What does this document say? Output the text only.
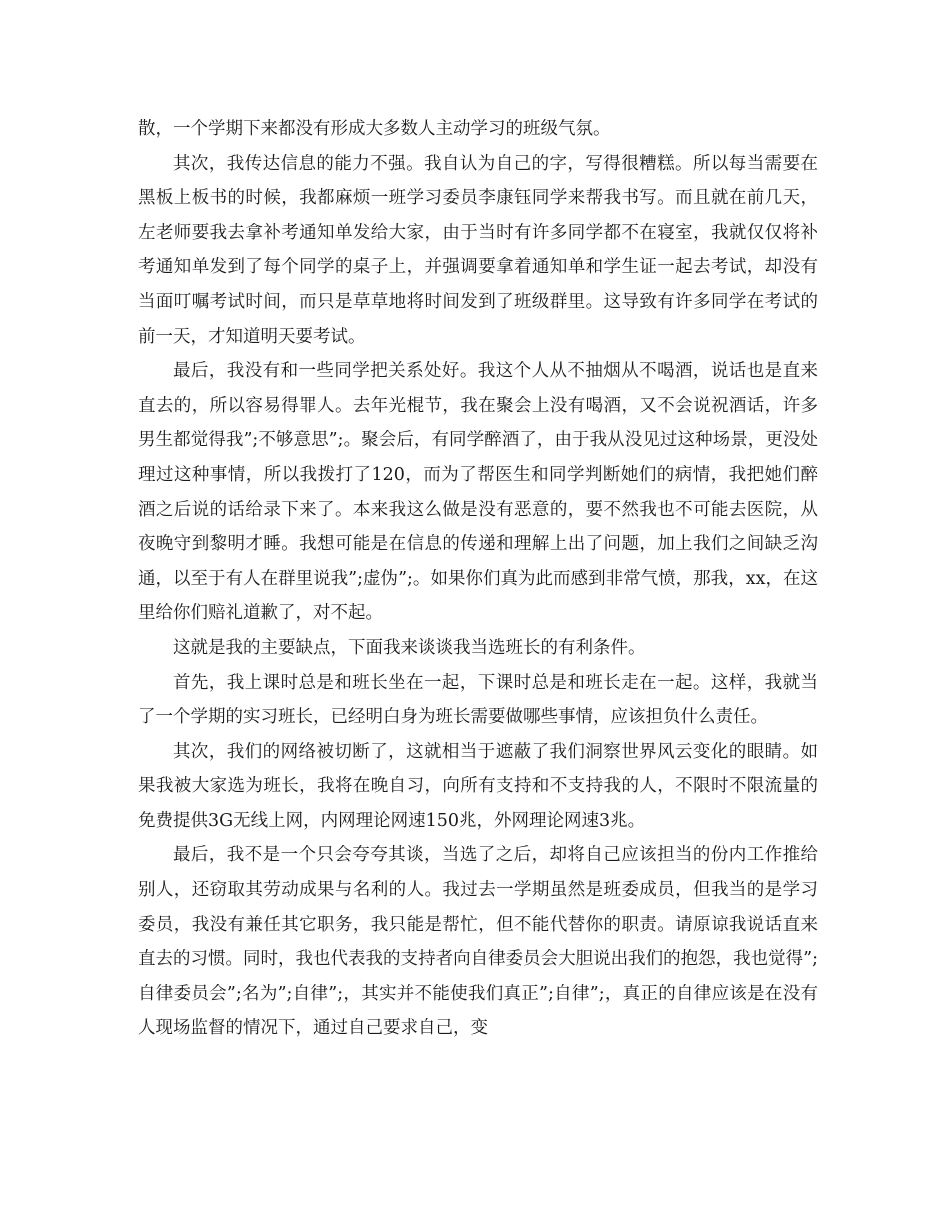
散，一个学期下来都没有形成大多数人主动学习的班级气氛。

其次，我传达信息的能力不强。我自认为自己的字，写得很糟糕。所以每当需要在黑板上板书的时候，我都麻烦一班学习委员李康钰同学来帮我书写。而且就在前几天，左老师要我去拿补考通知单发给大家，由于当时有许多同学都不在寝室，我就仅仅将补考通知单发到了每个同学的桌子上，并强调要拿着通知单和学生证一起去考试，却没有当面叮嘱考试时间，而只是草草地将时间发到了班级群里。这导致有许多同学在考试的前一天，才知道明天要考试。

最后，我没有和一些同学把关系处好。我这个人从不抽烟从不喝酒，说话也是直来直去的，所以容易得罪人。去年光棍节，我在聚会上没有喝酒，又不会说祝酒话，许多男生都觉得我”;不够意思”;。聚会后，有同学醉酒了，由于我从没见过这种场景，更没处理过这种事情，所以我拨打了120，而为了帮医生和同学判断她们的病情，我把她们醉酒之后说的话给录下来了。本来我这么做是没有恶意的，要不然我也不可能去医院，从夜晚守到黎明才睡。我想可能是在信息的传递和理解上出了问题，加上我们之间缺乏沟通，以至于有人在群里说我”;虚伪”;。如果你们真为此而感到非常气愤，那我，xx，在这里给你们赔礼道歉了，对不起。

这就是我的主要缺点，下面我来谈谈我当选班长的有利条件。

首先，我上课时总是和班长坐在一起，下课时总是和班长走在一起。这样，我就当了一个学期的实习班长，已经明白身为班长需要做哪些事情，应该担负什么责任。

其次，我们的网络被切断了，这就相当于遮蔽了我们洞察世界风云变化的眼睛。如果我被大家选为班长，我将在晚自习，向所有支持和不支持我的人，不限时不限流量的免费提供3G无线上网，内网理论网速150兆，外网理论网速3兆。

最后，我不是一个只会夸夸其谈，当选了之后，却将自己应该担当的份内工作推给别人，还窃取其劳动成果与名利的人。我过去一学期虽然是班委成员，但我当的是学习委员，我没有兼任其它职务，我只能是帮忙，但不能代替你的职责。请原谅我说话直来直去的习惯。同时，我也代表我的支持者向自律委员会大胆说出我们的抱怨，我也觉得”;自律委员会”;名为”;自律”;，其实并不能使我们真正”;自律”;，真正的自律应该是在没有人现场监督的情况下，通过自己要求自己，变
